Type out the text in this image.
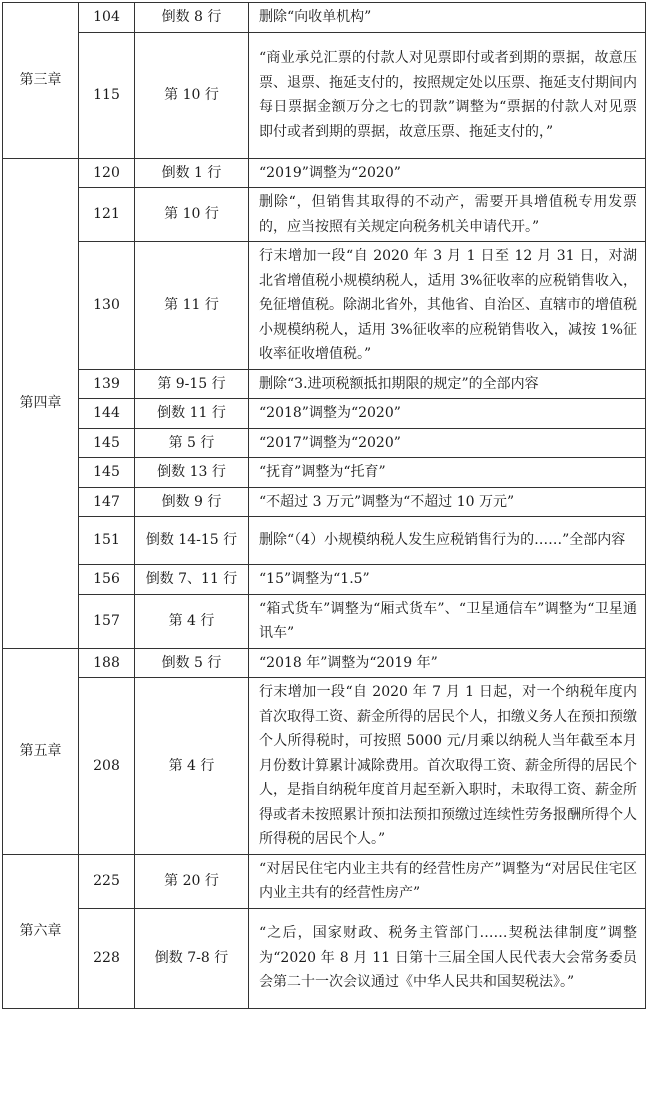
第三章	104	倒数 8 行	删除“向收单机构”
	115	第 10 行	“商业承兑汇票的付款人对见票即付或者到期的票据，故意压票、退票、拖延支付的，按照规定处以压票、拖延支付期间内每日票据金额万分之七的罚款”调整为“票据的付款人对见票即付或者到期的票据，故意压票、拖延支付的，”
第四章	120	倒数 1 行	“2019”调整为“2020”
	121	第 10 行	删除“，但销售其取得的不动产，需要开具增值税专用发票的，应当按照有关规定向税务机关申请代开。”
	130	第 11 行	行末增加一段“自 2020 年 3 月 1 日至 12 月 31 日，对湖北省增值税小规模纳税人，适用 3%征收率的应税销售收入，免征增值税。除湖北省外，其他省、自治区、直辖市的增值税小规模纳税人，适用 3%征收率的应税销售收入，减按 1%征收率征收增值税。”
	139	第 9-15 行	删除“3.进项税额抵扣期限的规定”的全部内容
	144	倒数 11 行	“2018”调整为“2020”
	145	第 5 行	“2017”调整为“2020”
	145	倒数 13 行	“抚育”调整为“托育”
	147	倒数 9 行	“不超过 3 万元”调整为“不超过 10 万元”
	151	倒数 14-15 行	删除“（4）小规模纳税人发生应税销售行为的……”全部内容
	156	倒数 7、11 行	“15”调整为“1.5”
	157	第 4 行	“箱式货车”调整为“厢式货车”、“卫星通信车”调整为“卫星通讯车”
第五章	188	倒数 5 行	“2018 年”调整为“2019 年”
	208	第 4 行	行末增加一段“自 2020 年 7 月 1 日起，对一个纳税年度内首次取得工资、薪金所得的居民个人，扣缴义务人在预扣预缴个人所得税时，可按照 5000 元/月乘以纳税人当年截至本月月份数计算累计减除费用。首次取得工资、薪金所得的居民个人，是指自纳税年度首月起至新入职时，未取得工资、薪金所得或者未按照累计预扣法预扣预缴过连续性劳务报酬所得个人所得税的居民个人。”
第六章	225	第 20 行	“对居民住宅内业主共有的经营性房产”调整为“对居民住宅区内业主共有的经营性房产”
	228	倒数 7-8 行	“之后，国家财政、税务主管部门……契税法律制度”调整为“2020 年 8 月 11 日第十三届全国人民代表大会常务委员会第二十一次会议通过《中华人民共和国契税法》。”
